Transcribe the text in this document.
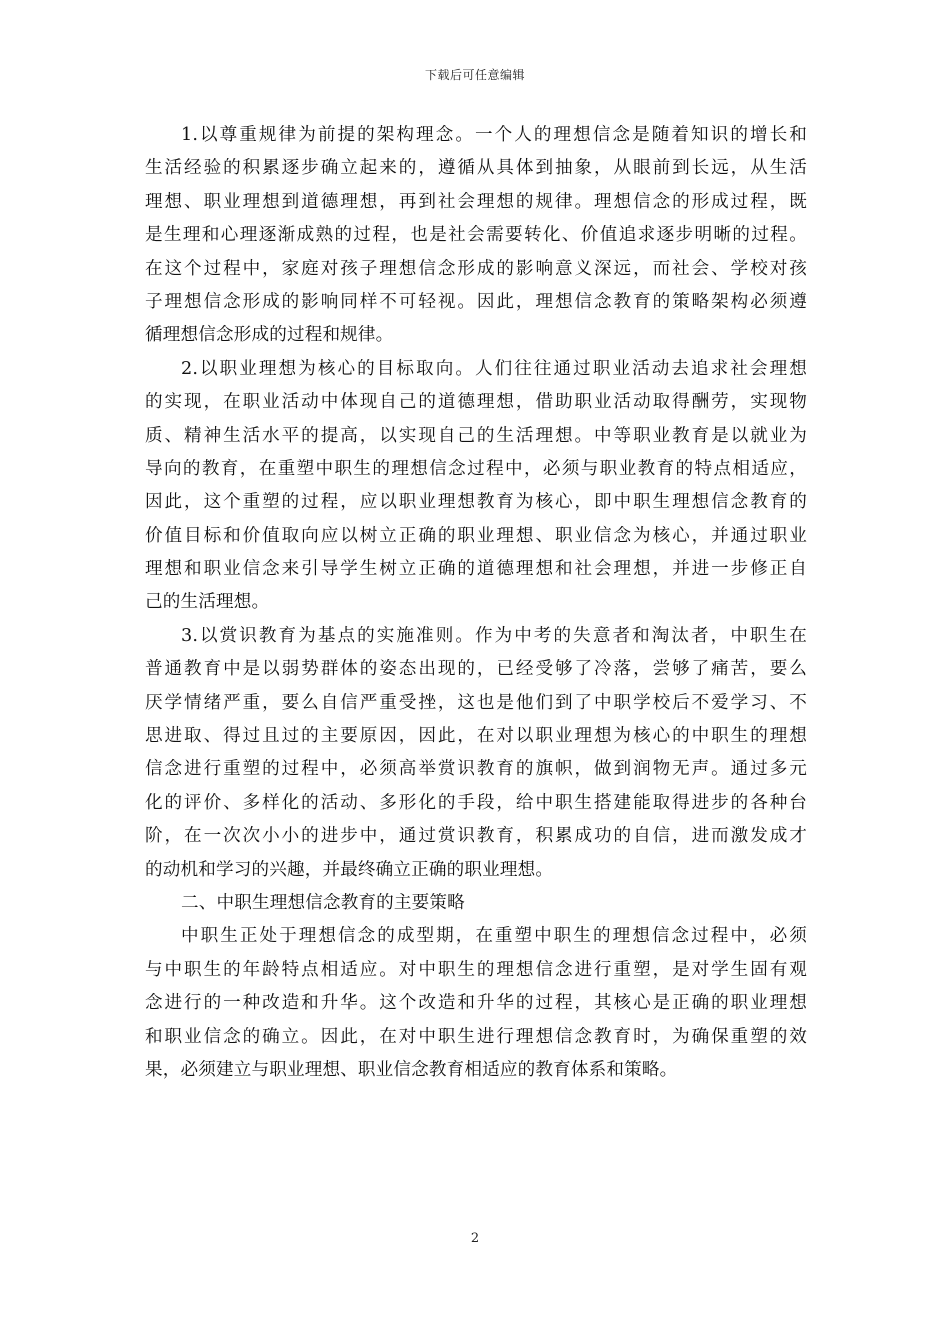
下载后可任意编辑
1.以尊重规律为前提的架构理念。一个人的理想信念是随着知识的增长和
生活经验的积累逐步确立起来的，遵循从具体到抽象，从眼前到长远，从生活
理想、职业理想到道德理想，再到社会理想的规律。理想信念的形成过程，既
是生理和心理逐渐成熟的过程，也是社会需要转化、价值追求逐步明晰的过程。
在这个过程中，家庭对孩子理想信念形成的影响意义深远，而社会、学校对孩
子理想信念形成的影响同样不可轻视。因此，理想信念教育的策略架构必须遵
循理想信念形成的过程和规律。
2.以职业理想为核心的目标取向。人们往往通过职业活动去追求社会理想
的实现，在职业活动中体现自己的道德理想，借助职业活动取得酬劳，实现物
质、精神生活水平的提高，以实现自己的生活理想。中等职业教育是以就业为
导向的教育，在重塑中职生的理想信念过程中，必须与职业教育的特点相适应，
因此，这个重塑的过程，应以职业理想教育为核心，即中职生理想信念教育的
价值目标和价值取向应以树立正确的职业理想、职业信念为核心，并通过职业
理想和职业信念来引导学生树立正确的道德理想和社会理想，并进一步修正自
己的生活理想。
3.以赏识教育为基点的实施准则。作为中考的失意者和淘汰者，中职生在
普通教育中是以弱势群体的姿态出现的，已经受够了冷落，尝够了痛苦，要么
厌学情绪严重，要么自信严重受挫，这也是他们到了中职学校后不爱学习、不
思进取、得过且过的主要原因，因此，在对以职业理想为核心的中职生的理想
信念进行重塑的过程中，必须高举赏识教育的旗帜，做到润物无声。通过多元
化的评价、多样化的活动、多形化的手段，给中职生搭建能取得进步的各种台
阶，在一次次小小的进步中，通过赏识教育，积累成功的自信，进而激发成才
的动机和学习的兴趣，并最终确立正确的职业理想。
二、中职生理想信念教育的主要策略
中职生正处于理想信念的成型期，在重塑中职生的理想信念过程中，必须
与中职生的年龄特点相适应。对中职生的理想信念进行重塑，是对学生固有观
念进行的一种改造和升华。这个改造和升华的过程，其核心是正确的职业理想
和职业信念的确立。因此，在对中职生进行理想信念教育时，为确保重塑的效
果，必须建立与职业理想、职业信念教育相适应的教育体系和策略。
2
